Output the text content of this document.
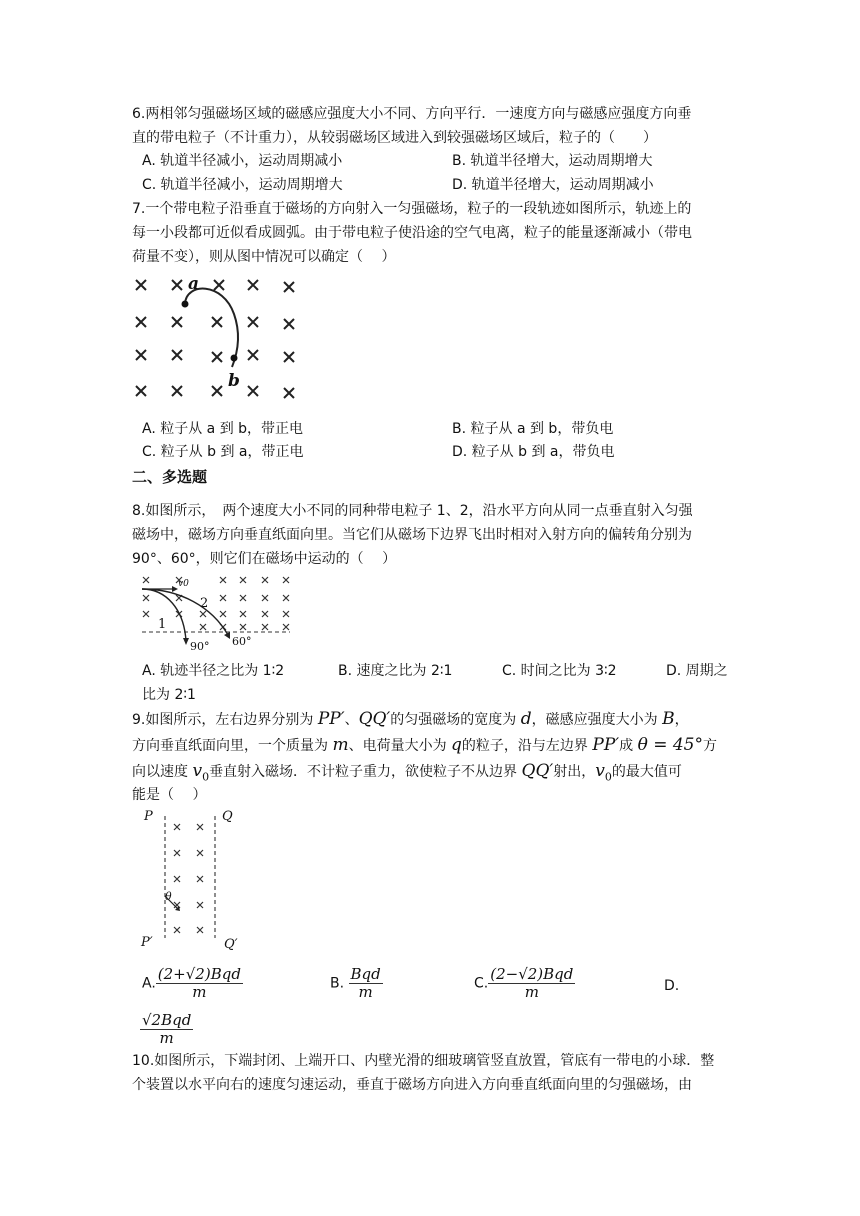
6.两相邻匀强磁场区域的磁感应强度大小不同、方向平行．一速度方向与磁感应强度方向垂
直的带电粒子（不计重力），从较弱磁场区域进入到较强磁场区域后，粒子的（　　）
A. 轨道半径减小，运动周期减小	B. 轨道半径增大，运动周期增大
C. 轨道半径减小，运动周期增大	D. 轨道半径增大，运动周期减小
7.一个带电粒子沿垂直于磁场的方向射入一匀强磁场，粒子的一段轨迹如图所示，轨迹上的
每一小段都可近似看成圆弧。由于带电粒子使沿途的空气电离，粒子的能量逐渐减小（带电
荷量不变），则从图中情况可以确定（　 ）
a
b
A. 粒子从 a 到 b，带正电	B. 粒子从 a 到 b，带负电
C. 粒子从 b 到 a，带正电	D. 粒子从 b 到 a，带负电
二、多选题
8.如图所示，　两个速度大小不同的同种带电粒子 1、2，沿水平方向从同一点垂直射入匀强
磁场中，磁场方向垂直纸面向里。当它们从磁场下边界飞出时相对入射方向的偏转角分别为
90°、60°，则它们在磁场中运动的（　 ）
v0
2
1
90° 60°
A. 轨迹半径之比为 1∶2	B. 速度之比为 2∶1	C. 时间之比为 3∶2	D. 周期之
比为 2∶1
9.如图所示，左右边界分别为 PP′、QQ′的匀强磁场的宽度为 d，磁感应强度大小为 B，
方向垂直纸面向里，一个质量为 m、电荷量大小为 q的粒子，沿与左边界 PP′成 θ = 45°方
向以速度 $v_0$垂直射入磁场．不计粒子重力，欲使粒子不从边界 QQ′射出，$v_0$的最大值可
能是（　 ）
P	Q
P′	Q′
θ
A. $\frac{\text{(2+√2)Bqd}}{m}$	B. $\frac{\text{Bqd}}{m}$	C. $\frac{\text{(2−√2)Bqd}}{m}$	D.
$\frac{\text{√2Bqd}}{m}$
10.如图所示，下端封闭、上端开口、内壁光滑的细玻璃管竖直放置，管底有一带电的小球．整
个装置以水平向右的速度匀速运动，垂直于磁场方向进入方向垂直纸面向里的匀强磁场，由
